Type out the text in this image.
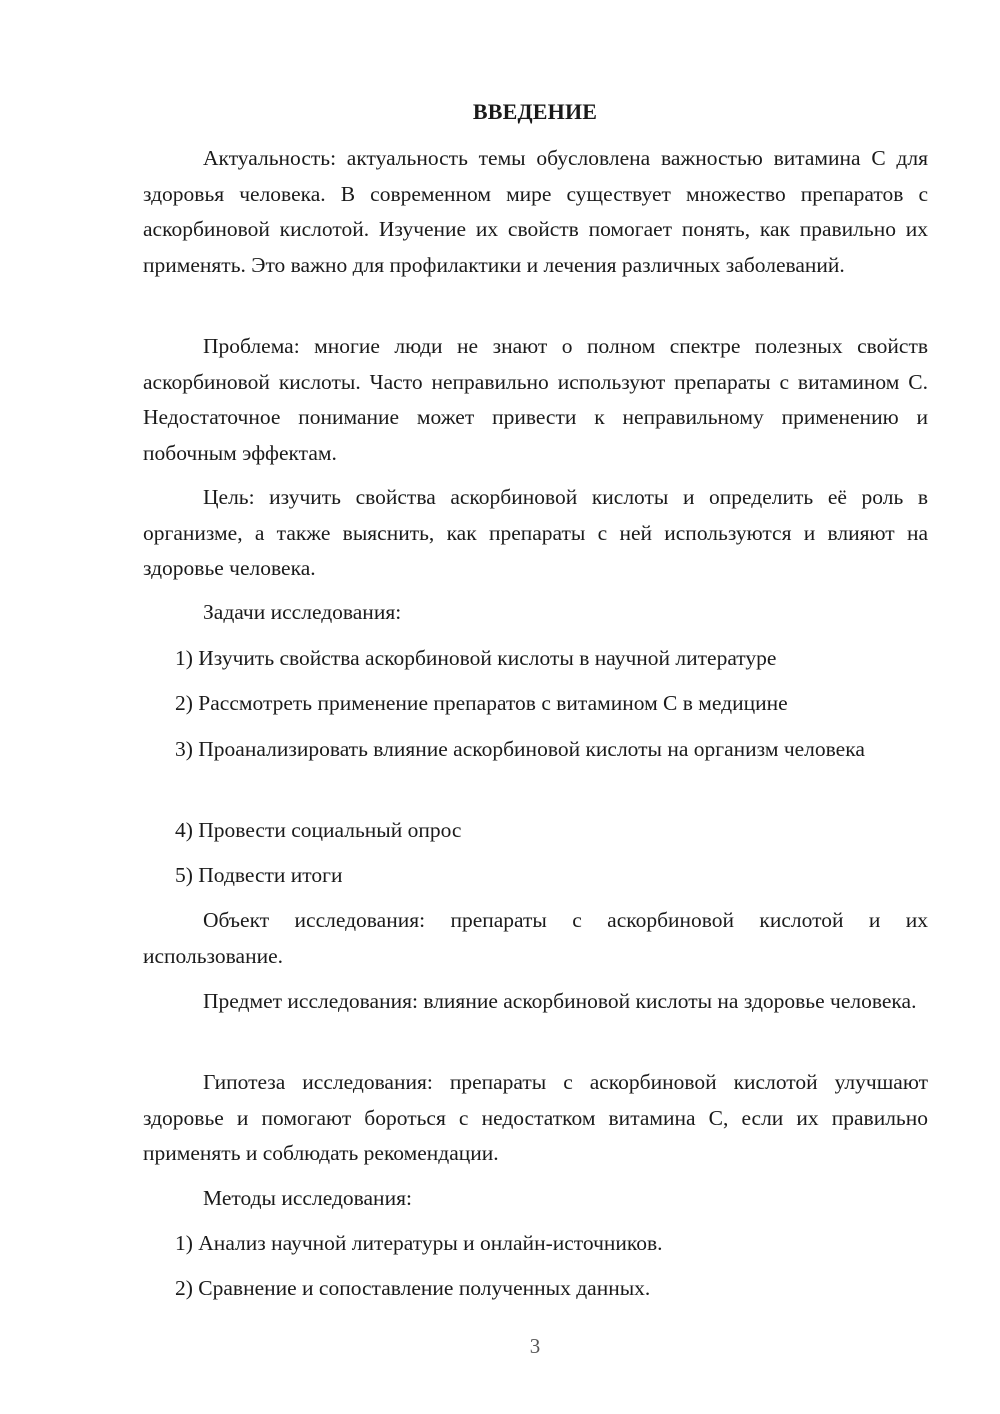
ВВЕДЕНИЕ

Актуальность: актуальность темы обусловлена важностью витамина С для здоровья человека. В современном мире существует множество препаратов с аскорбиновой кислотой. Изучение их свойств помогает понять, как правильно их применять. Это важно для профилактики и лечения различных заболеваний.

Проблема: многие люди не знают о полном спектре полезных свойств аскорбиновой кислоты. Часто неправильно используют препараты с витамином С. Недостаточное понимание может привести к неправильному применению и побочным эффектам.

Цель: изучить свойства аскорбиновой кислоты и определить её роль в организме, а также выяснить, как препараты с ней используются и влияют на здоровье человека.

Задачи исследования:

1) Изучить свойства аскорбиновой кислоты в научной литературе

2) Рассмотреть применение препаратов с витамином С в медицине

3) Проанализировать влияние аскорбиновой кислоты на организм человека

4) Провести социальный опрос

5) Подвести итоги

Объект исследования: препараты с аскорбиновой кислотой и их использование.

Предмет исследования: влияние аскорбиновой кислоты на здоровье человека.

Гипотеза исследования: препараты с аскорбиновой кислотой улучшают здоровье и помогают бороться с недостатком витамина С, если их правильно применять и соблюдать рекомендации.

Методы исследования:

1) Анализ научной литературы и онлайн-источников.

2) Сравнение и сопоставление полученных данных.

3
